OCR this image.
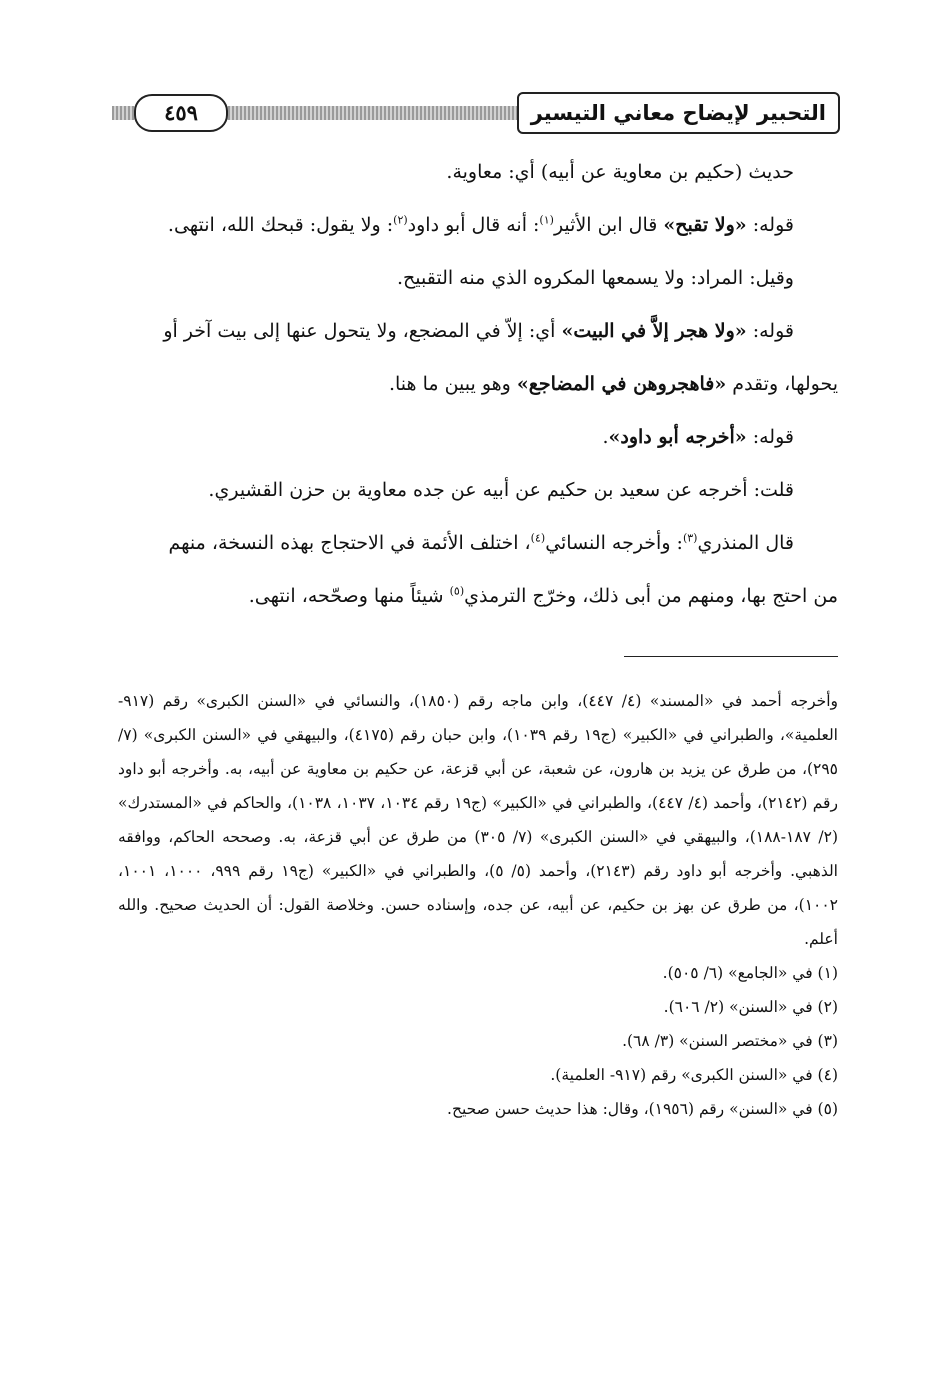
٤٥٩	التحبير لإيضاح معاني التيسير

حديث (حكيم بن معاوية عن أبيه) أي: معاوية.

قوله: «ولا تقبح» قال ابن الأثير$^{(١)}$: أنه قال أبو داود$^{(٢)}$: ولا يقول: قبحك الله، انتهى.

وقيل: المراد: ولا يسمعها المكروه الذي منه التقبيح.

قوله: «ولا هجر إلاَّ في البيت» أي: إلاّ في المضجع، ولا يتحول عنها إلى بيت آخر أو

يحولها، وتقدم «فاهجروهن في المضاجع» وهو يبين ما هنا.

قوله: «أخرجه أبو داود».

قلت: أخرجه عن سعيد بن حكيم عن أبيه عن جده معاوية بن حزن القشيري.

قال المنذري$^{(٣)}$: وأخرجه النسائي$^{(٤)}$، اختلف الأئمة في الاحتجاج بهذه النسخة، منهم

من احتج بها، ومنهم من أبى ذلك، وخرّج الترمذي$^{(٥)}$ شيئاً منها وصحّحه، انتهى.

وأخرجه أحمد في «المسند» (٤/ ٤٤٧)، وابن ماجه رقم (١٨٥٠)، والنسائي في «السنن الكبرى» رقم (٩١٧- العلمية»، والطبراني في «الكبير» (ج١٩ رقم ١٠٣٩)، وابن حبان رقم (٤١٧٥)، والبيهقي في «السنن الكبرى» (٧/ ٢٩٥)، من طرق عن يزيد بن هارون، عن شعبة، عن أبي قزعة، عن حكيم بن معاوية عن أبيه، به. وأخرجه أبو داود رقم (٢١٤٢)، وأحمد (٤/ ٤٤٧)، والطبراني في «الكبير» (ج١٩ رقم ١٠٣٤، ١٠٣٧، ١٠٣٨)، والحاكم في «المستدرك» (٢/ ١٨٧-١٨٨)، والبيهقي في «السنن الكبرى» (٧/ ٣٠٥) من طرق عن أبي قزعة، به. وصححه الحاكم، ووافقه الذهبي. وأخرجه أبو داود رقم (٢١٤٣)، وأحمد (٥/ ٥)، والطبراني في «الكبير» (ج١٩ رقم ٩٩٩، ١٠٠٠، ١٠٠١، ١٠٠٢)، من طرق عن بهز بن حكيم، عن أبيه، عن جده، وإسناده حسن. وخلاصة القول: أن الحديث صحيح. والله أعلم.

(١) في «الجامع» (٦/ ٥٠٥).

(٢) في «السنن» (٢/ ٦٠٦).

(٣) في «مختصر السنن» (٣/ ٦٨).

(٤) في «السنن الكبرى» رقم (٩١٧- العلمية).

(٥) في «السنن» رقم (١٩٥٦)، وقال: هذا حديث حسن صحيح.
